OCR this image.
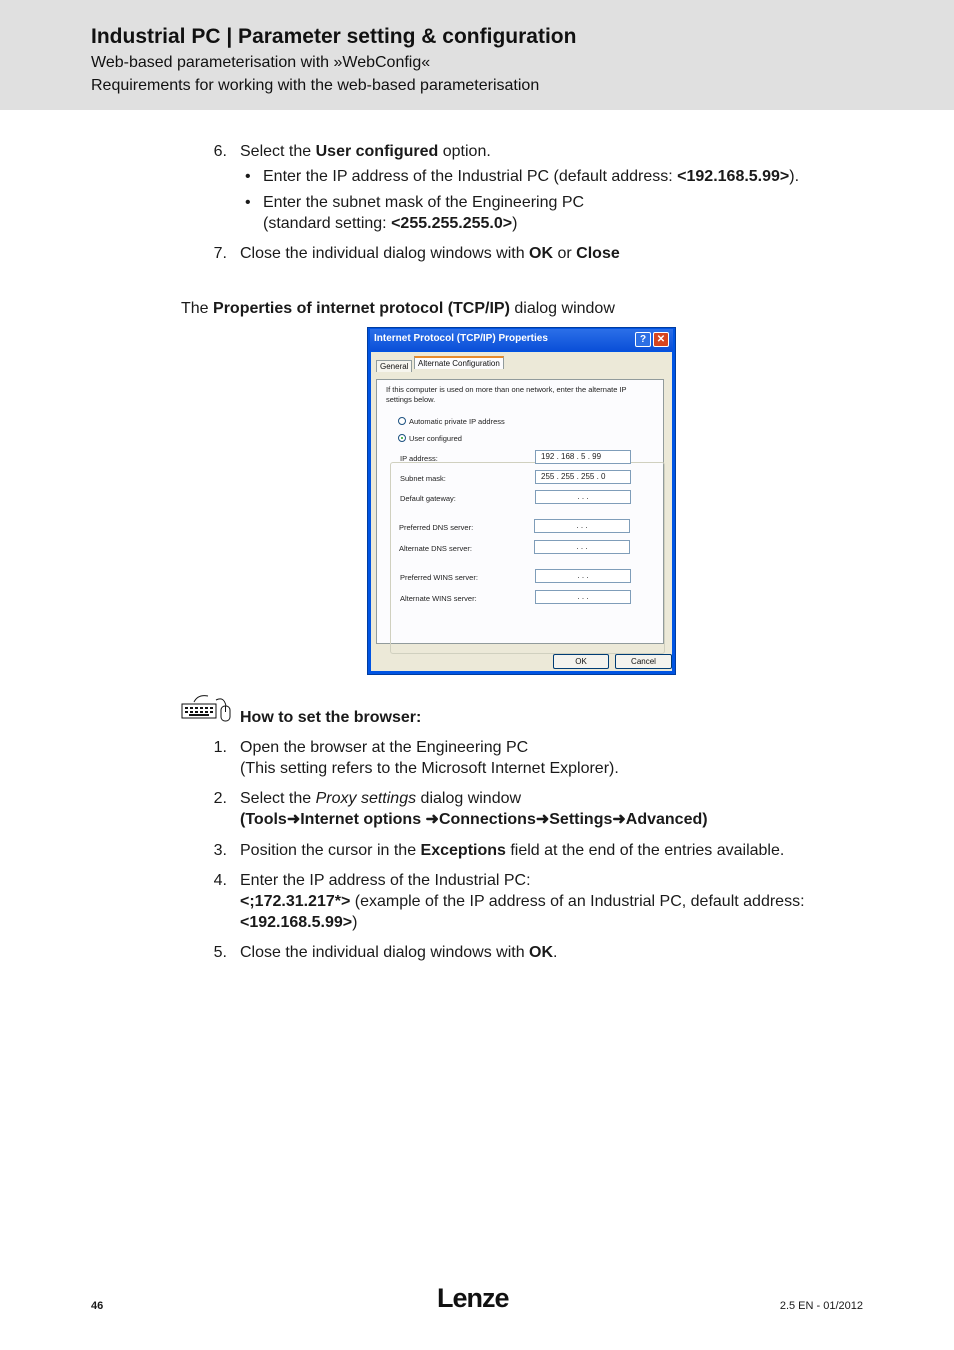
Industrial PC | Parameter setting & configuration
Web-based parameterisation with »WebConfig«
Requirements for working with the web-based parameterisation
6. Select the User configured option.
• Enter the IP address of the Industrial PC (default address: <192.168.5.99>).
• Enter the subnet mask of the Engineering PC
(standard setting: <255.255.255.0>)
7. Close the individual dialog windows with OK or Close
The Properties of internet protocol (TCP/IP) dialog window
Internet Protocol (TCP/IP) Properties	?	✕
General	Alternate Configuration
If this computer is used on more than one network, enter the alternate IP
settings below.
Automatic private IP address
User configured
IP address:	192 . 168 . 5 . 99
Subnet mask:	255 . 255 . 255 . 0
Default gateway:	. . .
Preferred DNS server:	. . .
Alternate DNS server:	. . .
Preferred WINS server:	. . .
Alternate WINS server:	. . .
OK	Cancel
How to set the browser:
1. Open the browser at the Engineering PC
(This setting refers to the Microsoft Internet Explorer).
2. Select the Proxy settings dialog window
(Tools➜Internet options ➜Connections➜Settings➜Advanced)
3. Position the cursor in the Exceptions field at the end of the entries available.
4. Enter the IP address of the Industrial PC:
<;172.31.217*> (example of the IP address of an Industrial PC, default address:
<192.168.5.99>)
5. Close the individual dialog windows with OK.
46	Lenze	2.5 EN - 01/2012
